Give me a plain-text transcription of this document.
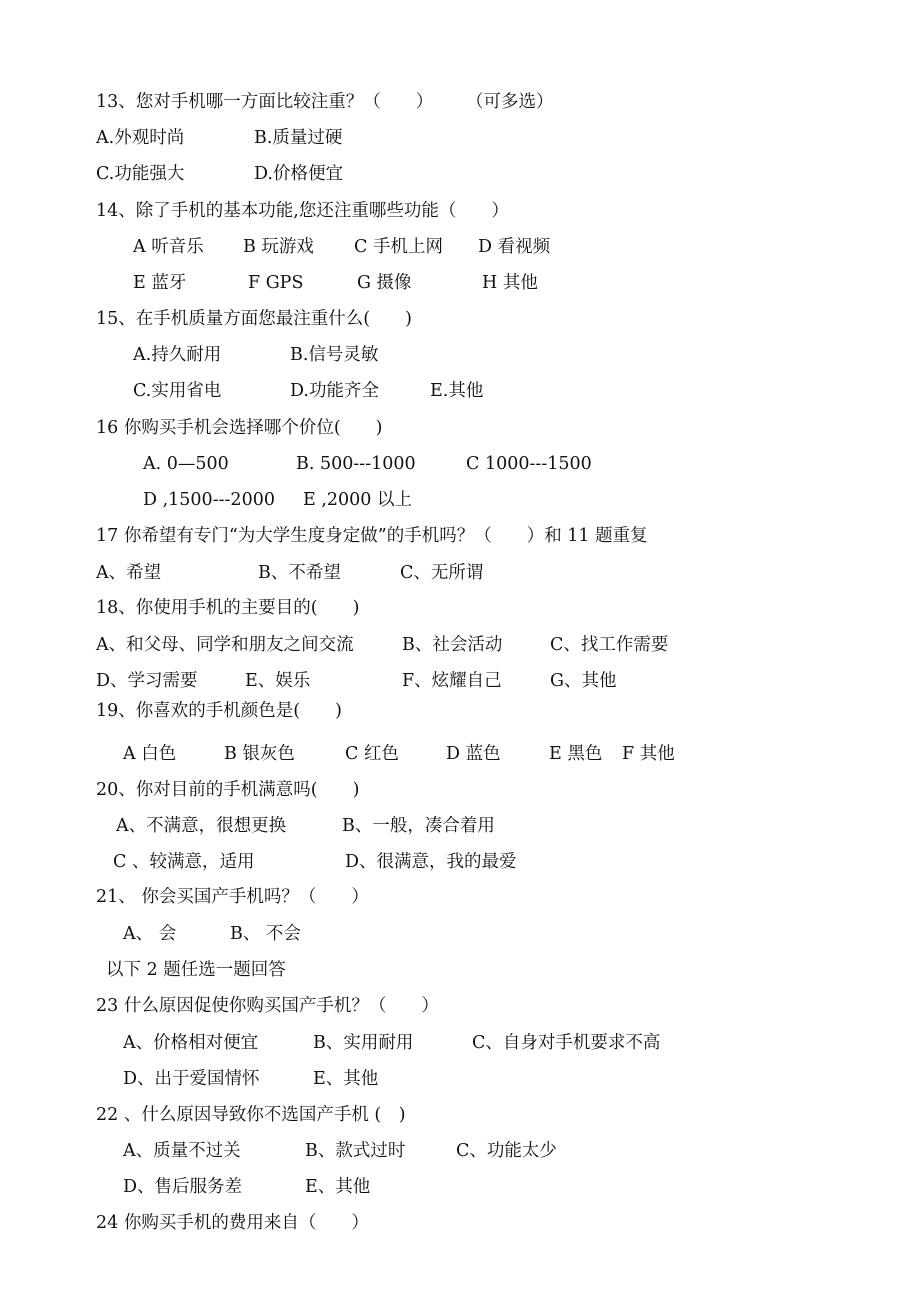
13、您对手机哪一方面比较注重？（　　） （可多选）
A.外观时尚	B.质量过硬
C.功能强大	D.价格便宜
14、除了手机的基本功能,您还注重哪些功能（　　）
A 听音乐 B 玩游戏 C 手机上网 D 看视频
E 蓝牙	F GPS	G 摄像	H 其他
15、在手机质量方面您最注重什么(　　)
A.持久耐用	B.信号灵敏
C.实用省电	D.功能齐全	E.其他
16 你购买手机会选择哪个价位(　　)
A. 0—500	B. 500---1000	C 1000---1500
D ,1500---2000 E ,2000 以上
17 你希望有专门“为大学生度身定做”的手机吗？（　　）和 11 题重复
A、希望	B、不希望	C、无所谓
18、你使用手机的主要目的(　　)
A、和父母、同学和朋友之间交流	B、社会活动	C、找工作需要
D、学习需要	E、娱乐	F、炫耀自己	G、其他
19、你喜欢的手机颜色是(　　)
A 白色	B 银灰色	C 红色	D 蓝色	E 黑色 F 其他
20、你对目前的手机满意吗(　　)
A、不满意，很想更换	B、一般，凑合着用
C 、较满意，适用	D、很满意，我的最爱
21、 你会买国产手机吗？（　　）
A、 会	B、 不会
以下 2 题任选一题回答
23 什么原因促使你购买国产手机？（　　）
A、价格相对便宜	B、实用耐用	C、自身对手机要求不高
D、出于爱国情怀	E、其他
22 、什么原因导致你不选国产手机 (　)
A、质量不过关	B、款式过时	C、功能太少
D、售后服务差	E、其他
24 你购买手机的费用来自（　　）
